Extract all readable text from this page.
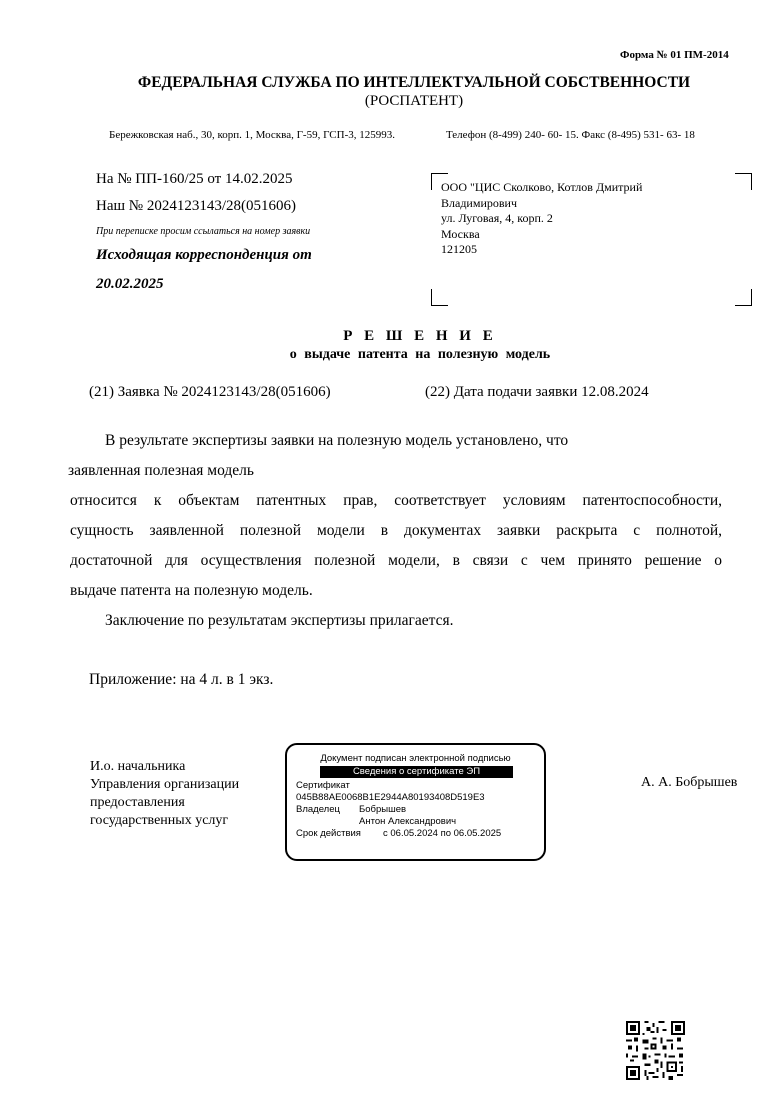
Форма № 01 ПМ-2014
ФЕДЕРАЛЬНАЯ СЛУЖБА ПО ИНТЕЛЛЕКТУАЛЬНОЙ СОБСТВЕННОСТИ
(РОСПАТЕНТ)
Бережковская наб., 30, корп. 1, Москва, Г-59, ГСП-3, 125993.	Телефон (8-499) 240- 60- 15. Факс (8-495) 531- 63- 18
На № ПП-160/25 от 14.02.2025
Наш № 2024123143/28(051606)
При переписке просим ссылаться на номер заявки
Исходящая корреспонденция от 20.02.2025
ООО "ЦИС Сколково, Котлов Дмитрий
Владимирович
ул. Луговая, 4, корп. 2
Москва
121205
Р Е Ш Е Н И Е
о выдаче патента на полезную модель
(21) Заявка № 2024123143/28(051606)	(22) Дата подачи заявки 12.08.2024
В результате экспертизы заявки на полезную модель установлено, что
заявленная полезная модель
относится к объектам патентных прав, соответствует условиям патентоспособности,
сущность заявленной полезной модели в документах заявки раскрыта с полнотой,
достаточной для осуществления полезной модели, в связи с чем принято решение о
выдаче патента на полезную модель.
Заключение по результатам экспертизы прилагается.
Приложение: на 4 л. в 1 экз.
И.о. начальника
Управления организации
предоставления
государственных услуг
А. А. Бобрышев
Документ подписан электронной подписью
Сведения о сертификате ЭП
Сертификат
045B88AE0068B1E2944A80193408D519E3
Владелец Бобрышев
Антон Александрович
Срок действия с 06.05.2024 по 06.05.2025
